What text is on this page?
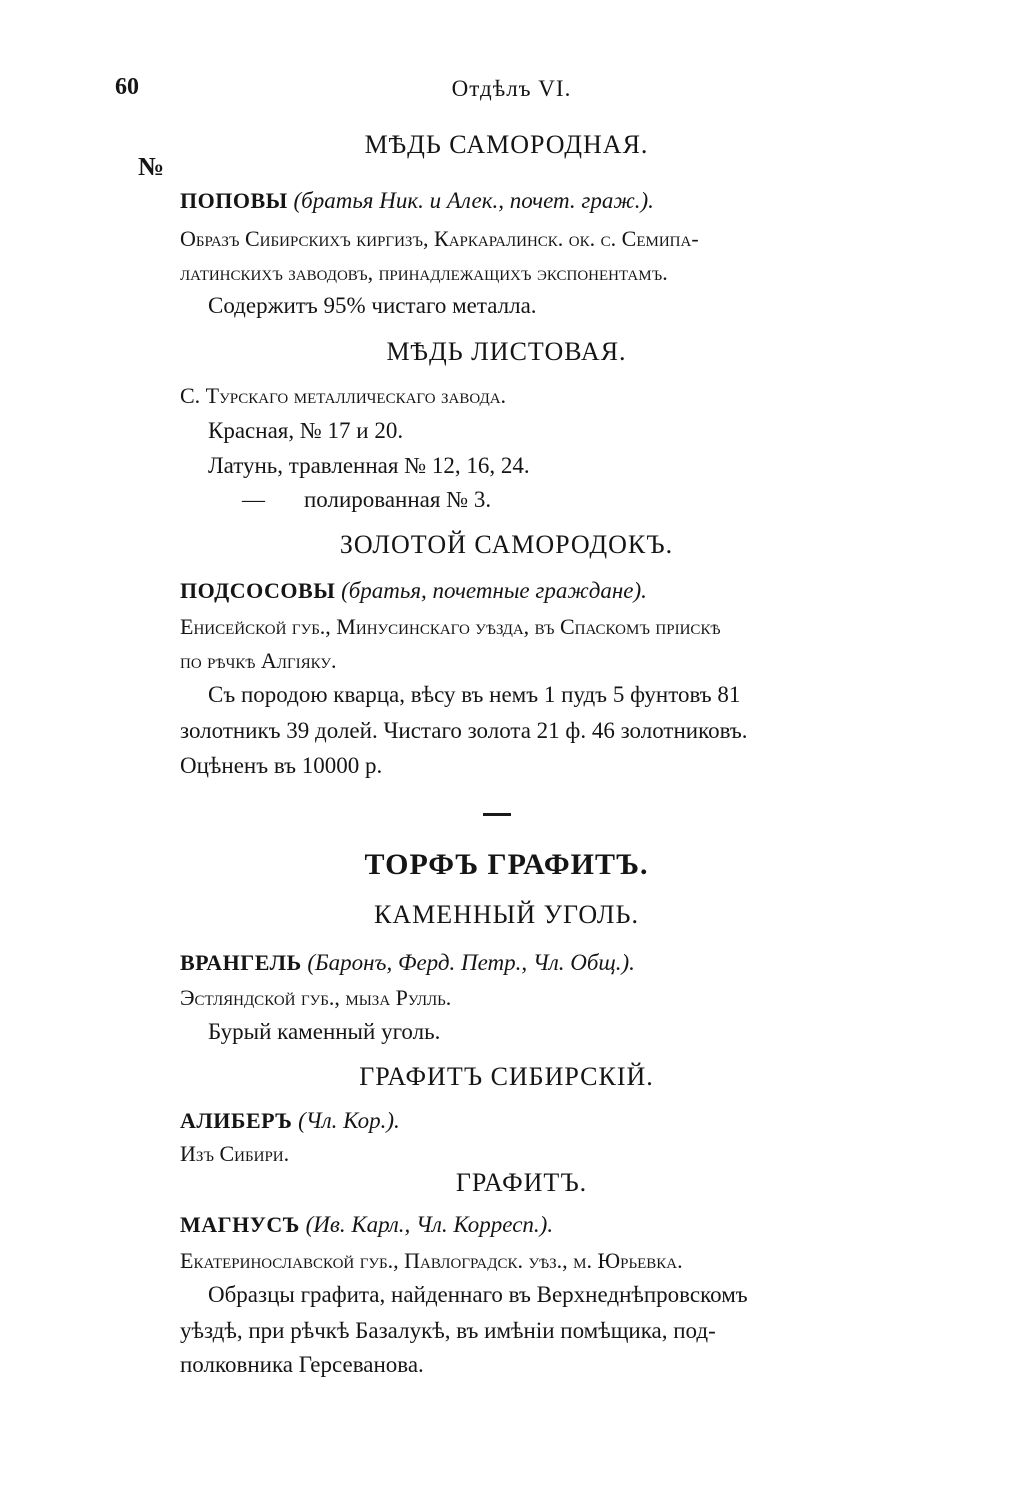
60	Отдѣлъ VI.
№
МѢДЬ САМОРОДНАЯ.
ПОПОВЫ (братья Ник. и Алек., почет. граж.).
Образъ Сибирскихъ киргизъ, Каркаралинск. ок. с. Семипа-
латинскихъ заводовъ, принадлежащихъ экспонентамъ.
Содержитъ 95% чистаго металла.
МѢДЬ ЛИСТОВАЯ.
С. Турскаго металлическаго завода.
Красная, № 17 и 20.
Латунь, травленная № 12, 16, 24.
— полированная № 3.
ЗОЛОТОЙ САМОРОДОКЪ.
ПОДСОСОВЫ (братья, почетные граждане).
Енисейской губ., Минусинскаго уѣзда, въ Спаскомъ пріискѣ
по рѣчкѣ Алгіяку.
Съ породою кварца, вѣсу въ немъ 1 пудъ 5 фунтовъ 81
золотникъ 39 долей. Чистаго золота 21 ф. 46 золотниковъ.
Оцѣненъ въ 10000 р.
ТОРФЪ ГРАФИТЪ.
КАМЕННЫЙ УГОЛЬ.
ВРАНГЕЛЬ (Баронъ, Ферд. Петр., Чл. Общ.).
Эстляндской губ., мыза Рулль.
Бурый каменный уголь.
ГРАФИТЪ СИБИРСКІЙ.
АЛИБЕРЪ (Чл. Кор.).
Изъ Сибири.
ГРАФИТЪ.
МАГНУСЪ (Ив. Карл., Чл. Корресп.).
Екатеринославской губ., Павлоградск. уѣз., м. Юрьевка.
Образцы графита, найденнаго въ Верхнеднѣпровскомъ
уѣздѣ, при рѣчкѣ Базалукѣ, въ имѣніи помѣщика, под-
полковника Герсеванова.
